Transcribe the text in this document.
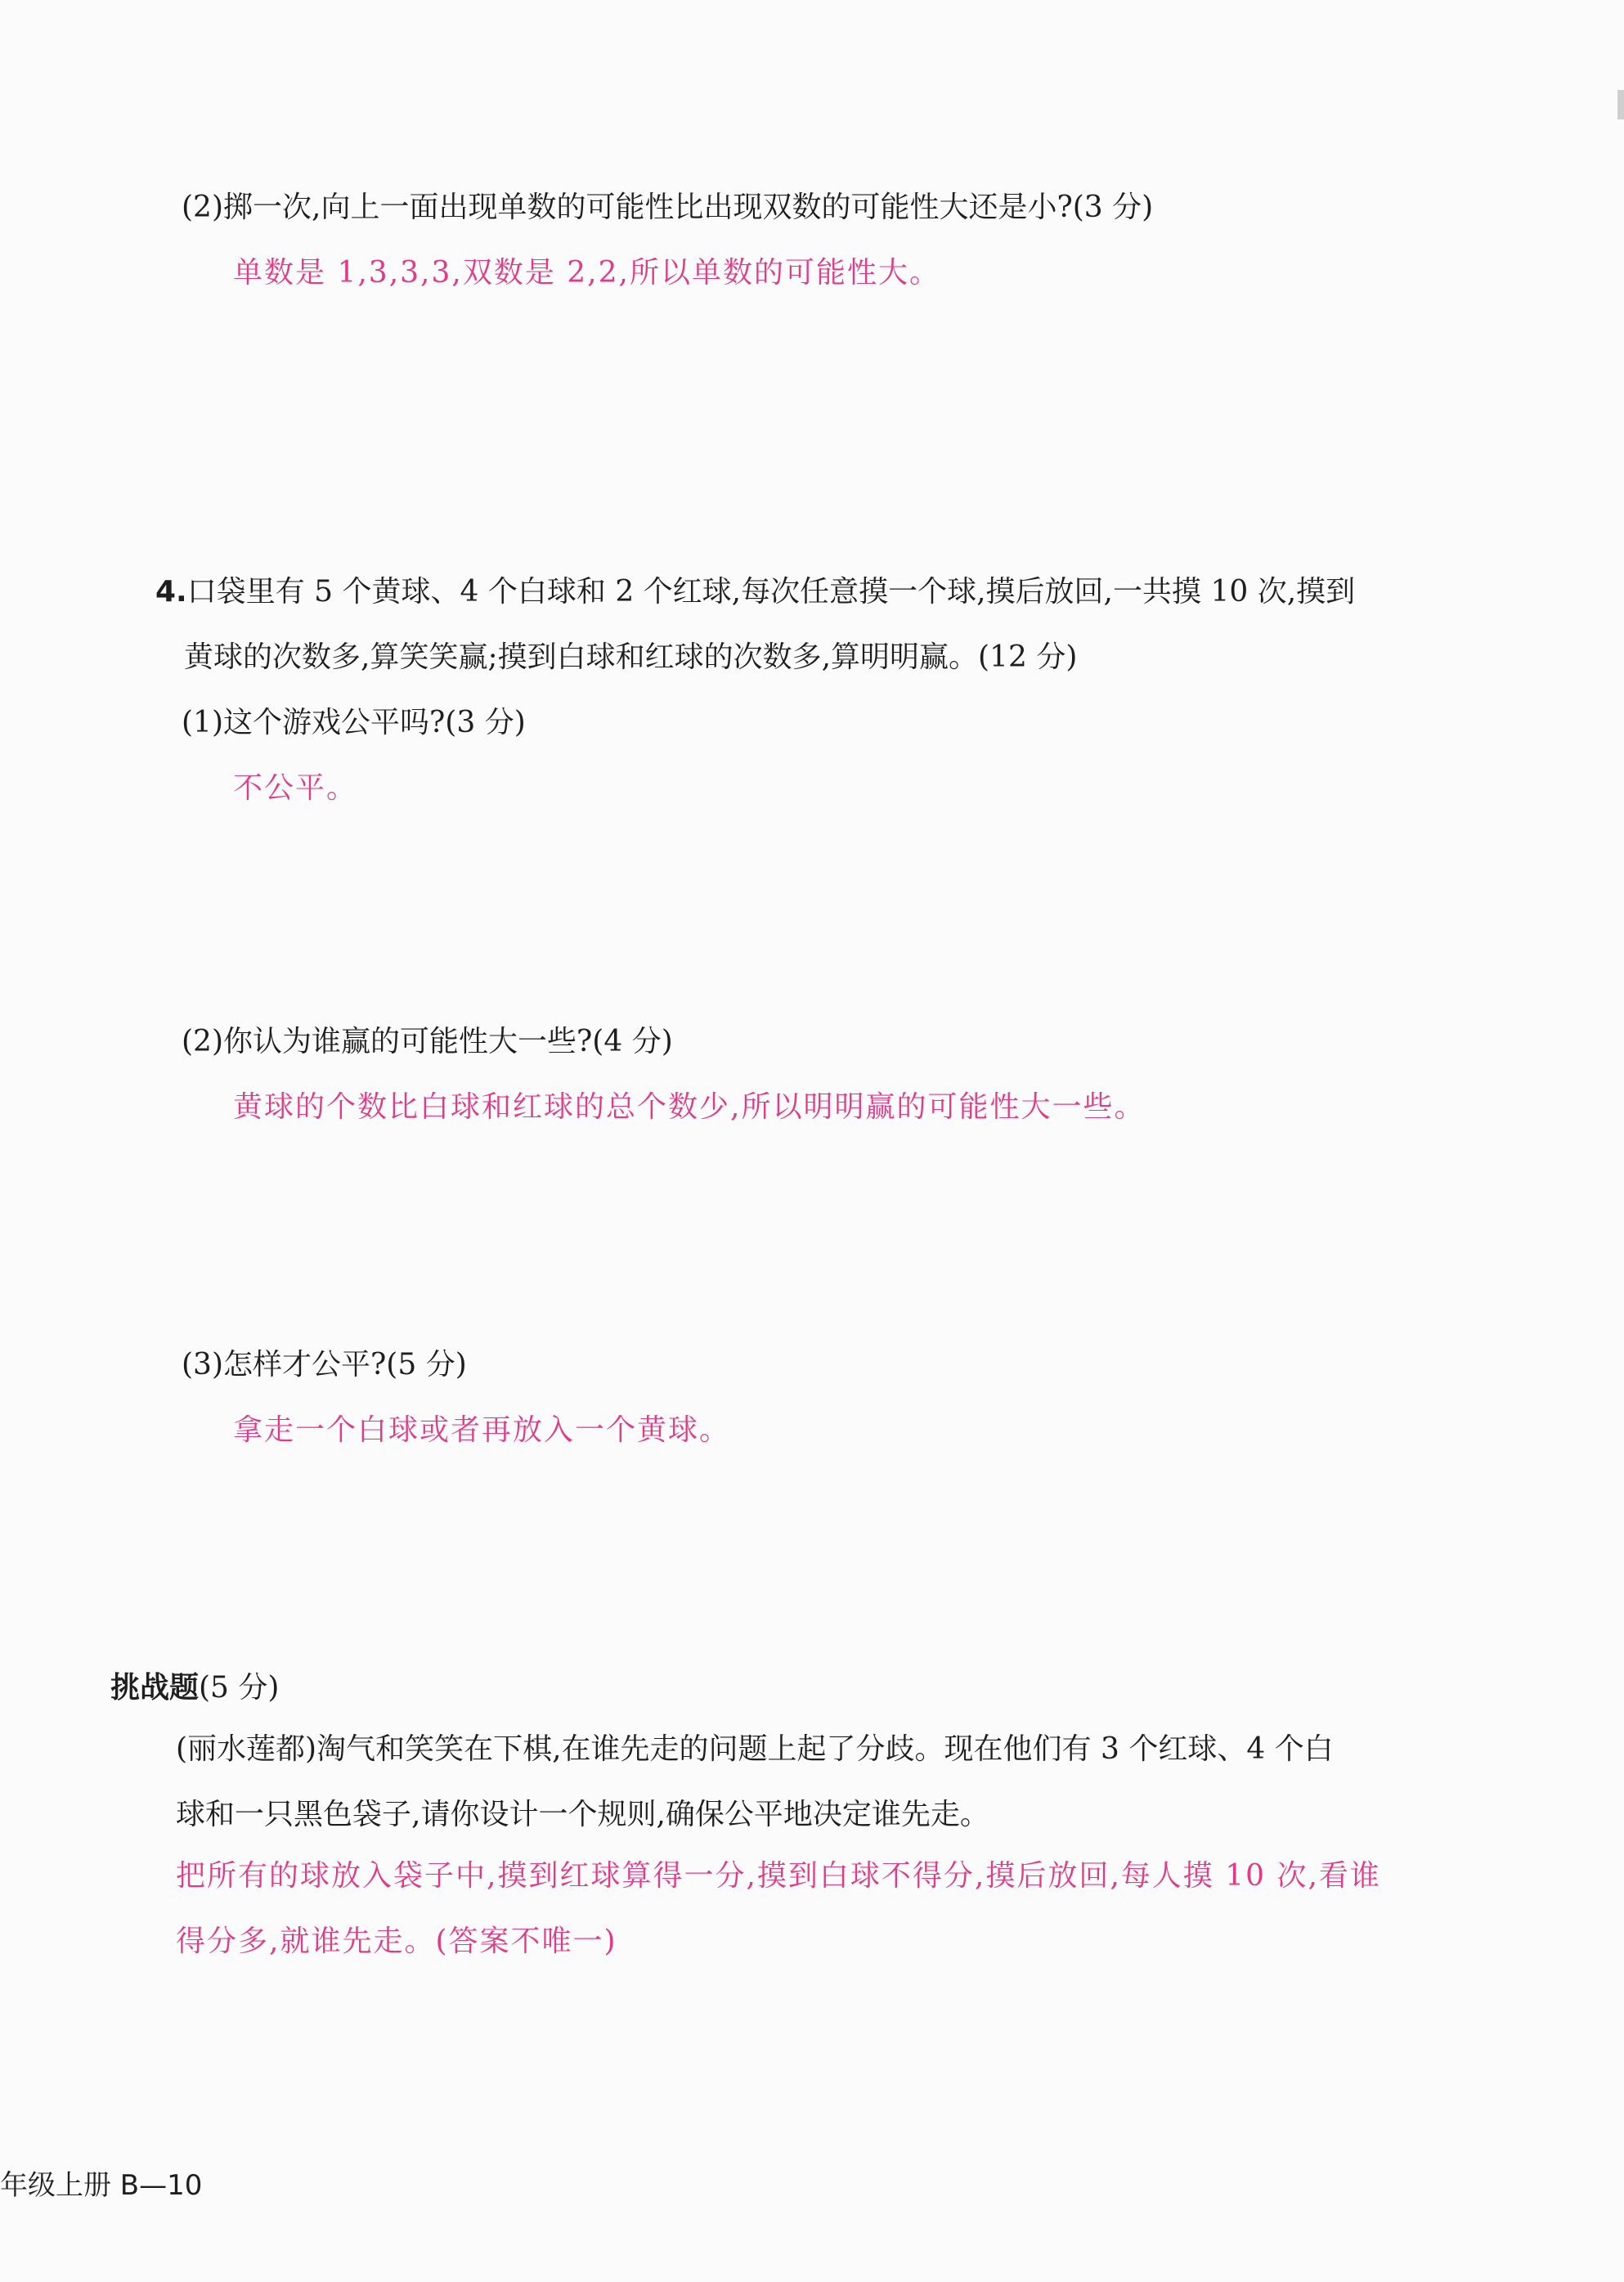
(2)掷一次,向上一面出现单数的可能性比出现双数的可能性大还是小?(3 分)
单数是 1,3,3,3,双数是 2,2,所以单数的可能性大。
4.口袋里有 5 个黄球、4 个白球和 2 个红球,每次任意摸一个球,摸后放回,一共摸 10 次,摸到
黄球的次数多,算笑笑赢;摸到白球和红球的次数多,算明明赢。(12 分)
(1)这个游戏公平吗?(3 分)
不公平。
(2)你认为谁赢的可能性大一些?(4 分)
黄球的个数比白球和红球的总个数少,所以明明赢的可能性大一些。
(3)怎样才公平?(5 分)
拿走一个白球或者再放入一个黄球。
挑战题(5 分)
(丽水莲都)淘气和笑笑在下棋,在谁先走的问题上起了分歧。现在他们有 3 个红球、4 个白
球和一只黑色袋子,请你设计一个规则,确保公平地决定谁先走。
把所有的球放入袋子中,摸到红球算得一分,摸到白球不得分,摸后放回,每人摸 10 次,看谁
得分多,就谁先走。(答案不唯一)
年级上册 B—10
